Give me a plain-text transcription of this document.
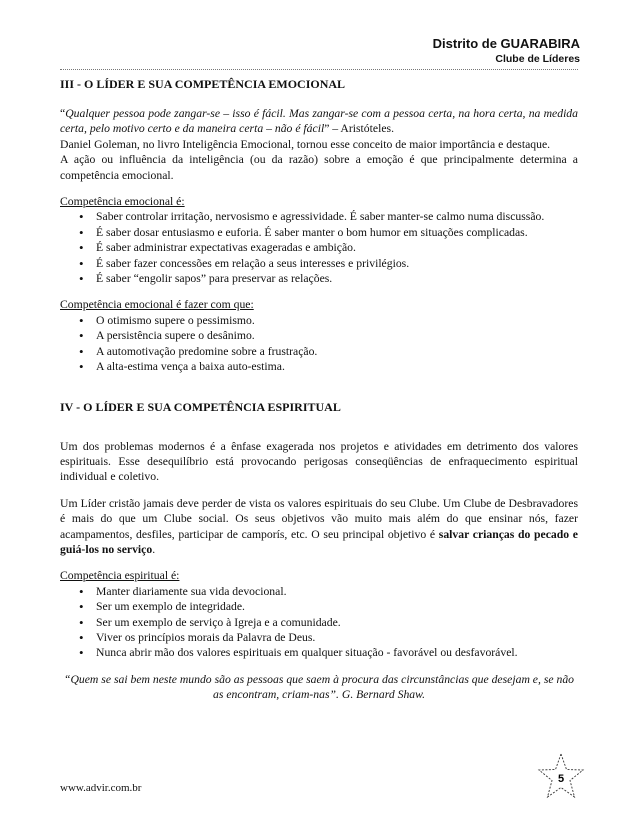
Distrito de GUARABIRA
Clube de Líderes
III - O LÍDER E SUA COMPETÊNCIA EMOCIONAL

“Qualquer pessoa pode zangar-se – isso é fácil. Mas zangar-se com a pessoa certa, na hora certa, na medida certa, pelo motivo certo e da maneira certa – não é fácil” – Aristóteles.

Daniel Goleman, no livro Inteligência Emocional, tornou esse conceito de maior importância e destaque.

A ação ou influência da inteligência (ou da razão) sobre a emoção é que principalmente determina a competência emocional.

Competência emocional é:
• Saber controlar irritação, nervosismo e agressividade. É saber manter-se calmo numa discussão.
• É saber dosar entusiasmo e euforia. É saber manter o bom humor em situações complicadas.
• É saber administrar expectativas exageradas e ambição.
• É saber fazer concessões em relação a seus interesses e privilégios.
• É saber “engolir sapos” para preservar as relações.
Competência emocional é fazer com que:
• O otimismo supere o pessimismo.
• A persistência supere o desânimo.
• A automotivação predomine sobre a frustração.
• A alta-estima vença a baixa auto-estima.
IV - O LÍDER E SUA COMPETÊNCIA ESPIRITUAL

Um dos problemas modernos é a ênfase exagerada nos projetos e atividades em detrimento dos valores espirituais. Esse desequilíbrio está provocando perigosas conseqüências de enfraquecimento espiritual individual e coletivo.

Um Líder cristão jamais deve perder de vista os valores espirituais do seu Clube. Um Clube de Desbravadores é mais do que um Clube social. Os seus objetivos vão muito mais além do que ensinar nós, fazer acampamentos, desfiles, participar de camporís, etc. O seu principal objetivo é salvar crianças do pecado e guiá-los no serviço.

Competência espiritual é:
• Manter diariamente sua vida devocional.
• Ser um exemplo de integridade.
• Ser um exemplo de serviço à Igreja e a comunidade.
• Viver os princípios morais da Palavra de Deus.
• Nunca abrir mão dos valores espirituais em qualquer situação - favorável ou desfavorável.

“Quem se sai bem neste mundo são as pessoas que saem à procura das circunstâncias que desejam e, se não as encontram, criam-nas”. G. Bernard Shaw.

www.advir.com.br
5
